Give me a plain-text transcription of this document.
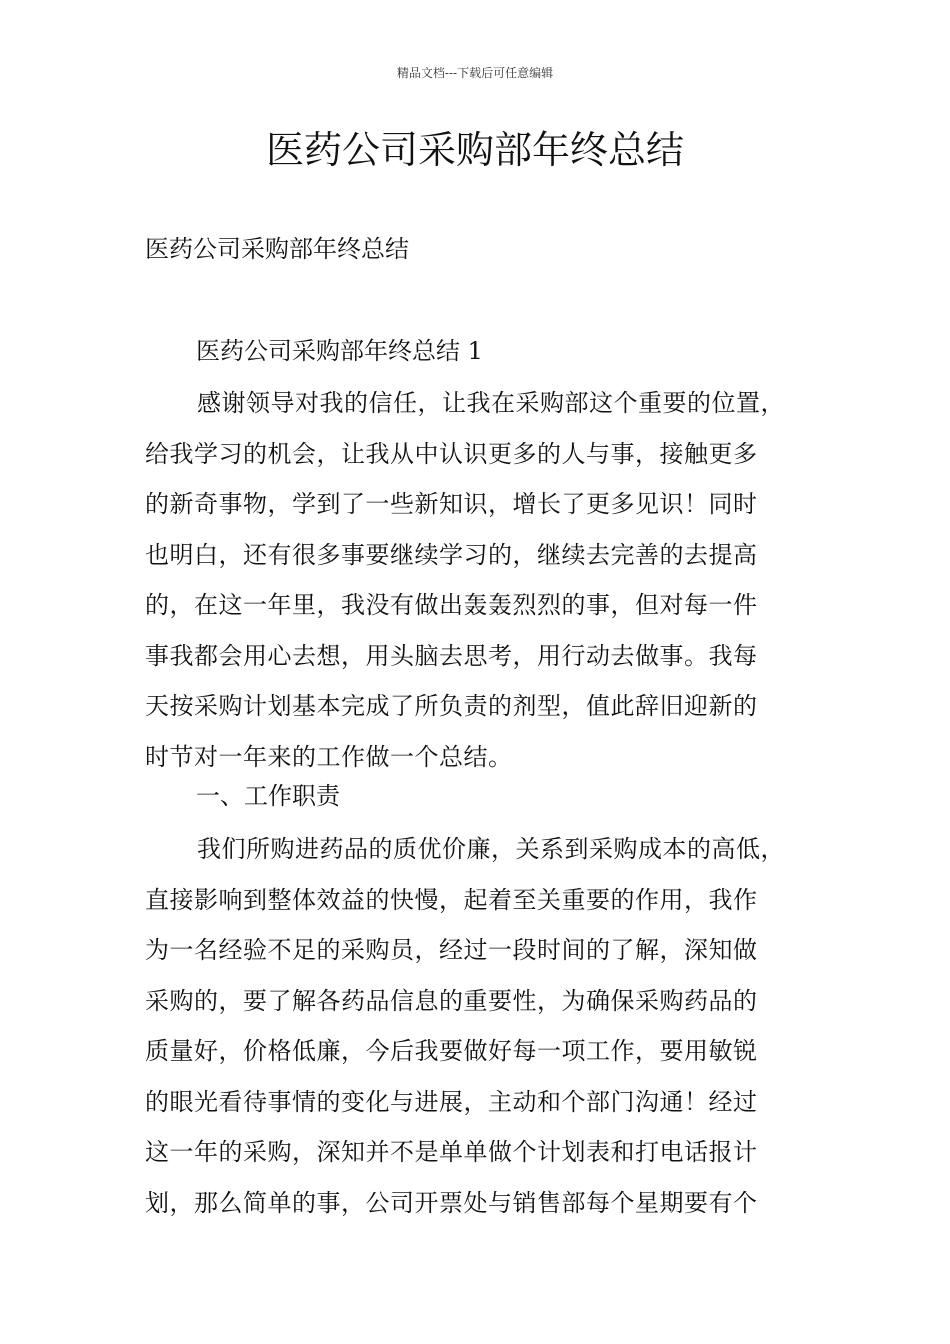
精品文档---下载后可任意编辑
医药公司采购部年终总结
医药公司采购部年终总结
医药公司采购部年终总结 1
感谢领导对我的信任，让我在采购部这个重要的位置，
给我学习的机会，让我从中认识更多的人与事，接触更多
的新奇事物，学到了一些新知识，增长了更多见识！同时
也明白，还有很多事要继续学习的，继续去完善的去提高
的，在这一年里，我没有做出轰轰烈烈的事，但对每一件
事我都会用心去想，用头脑去思考，用行动去做事。我每
天按采购计划基本完成了所负责的剂型，值此辞旧迎新的
时节对一年来的工作做一个总结。
一、工作职责
我们所购进药品的质优价廉，关系到采购成本的高低，
直接影响到整体效益的快慢，起着至关重要的作用，我作
为一名经验不足的采购员，经过一段时间的了解，深知做
采购的，要了解各药品信息的重要性，为确保采购药品的
质量好，价格低廉，今后我要做好每一项工作，要用敏锐
的眼光看待事情的变化与进展，主动和个部门沟通！经过
这一年的采购，深知并不是单单做个计划表和打电话报计
划，那么简单的事，公司开票处与销售部每个星期要有个
